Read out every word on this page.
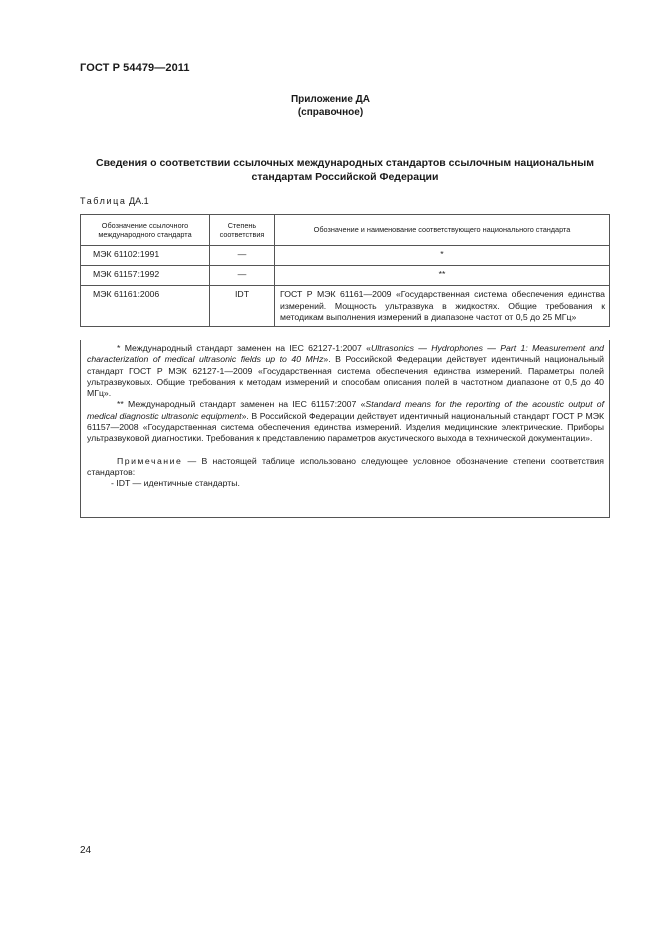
ГОСТ Р 54479—2011
Приложение ДА
(справочное)
Сведения о соответствии ссылочных международных стандартов ссылочным национальным
стандартам Российской Федерации
Таблица ДА.1
Обозначение ссылочного международного стандарта	Степень соответствия	Обозначение и наименование соответствующего национального стандарта
МЭК 61102:1991	—	*
МЭК 61157:1992	—	**
МЭК 61161:2006	IDT	ГОСТ Р МЭК 61161—2009 «Государственная система обеспечения единства измерений. Мощность ультразвука в жидкостях. Общие требования к методикам выполнения измерений в диапазоне частот от 0,5 до 25 МГц»

* Международный стандарт заменен на IEC 62127-1:2007 «Ultrasonics — Hydrophones — Part 1: Measurement and characterization of medical ultrasonic fields up to 40 MHz». В Российской Федерации действует идентичный национальный стандарт ГОСТ Р МЭК 62127-1—2009 «Государственная система обеспечения единства измерений. Параметры полей ультразвуковых. Общие требования к методам измерений и способам описания полей в частотном диапазоне от 0,5 до 40 МГц».

** Международный стандарт заменен на IEC 61157:2007 «Standard means for the reporting of the acoustic output of medical diagnostic ultrasonic equipment». В Российской Федерации действует идентичный национальный стандарт ГОСТ Р МЭК 61157—2008 «Государственная система обеспечения единства измерений. Изделия медицинские электрические. Приборы ультразвуковой диагностики. Требования к представлению параметров акустического выхода в технической документации».

Примечание — В настоящей таблице использовано следующее условное обозначение степени соответствия стандартов:

- IDT — идентичные стандарты.

24
